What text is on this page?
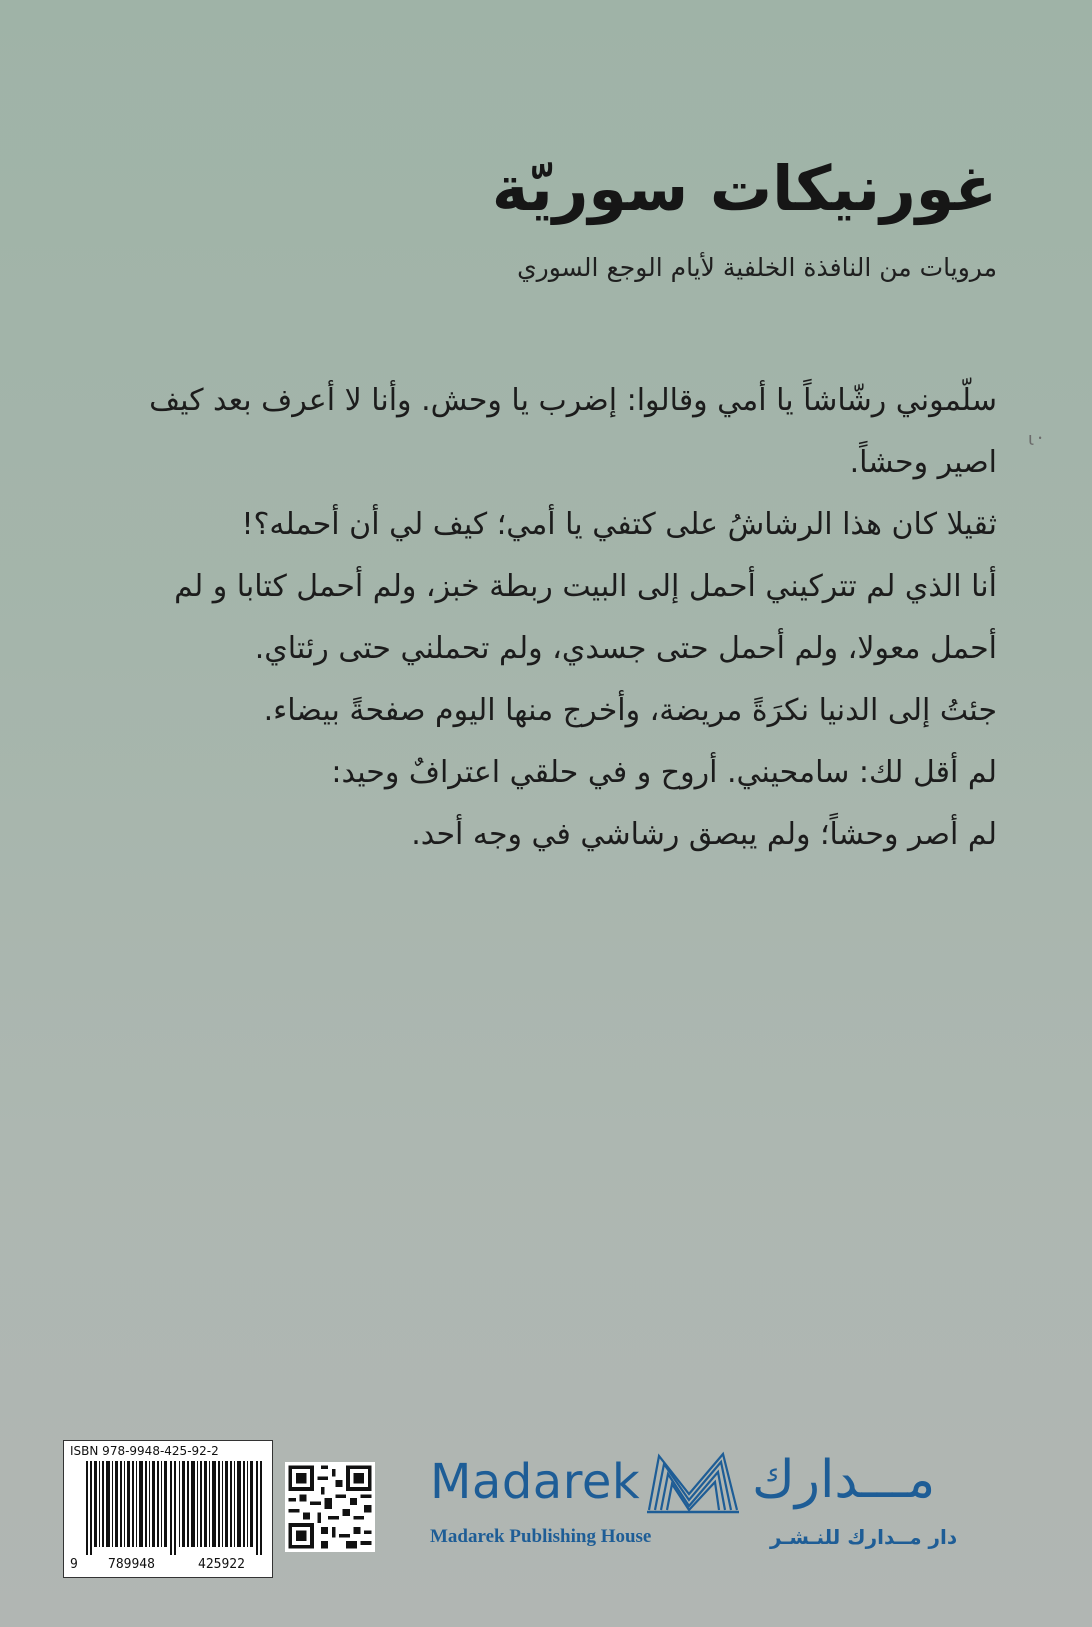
غورنيكات سوريّة
مرويات من النافذة الخلفية لأيام الوجع السوري
سلّموني رشّاشاً يا أمي وقالوا: إضرب يا وحش. وأنا لا أعرف بعد كيف
اصير وحشاً.
ثقيلا كان هذا الرشاشُ على كتفي يا أمي؛ كيف لي أن أحمله؟!
أنا الذي لم تتركيني أحمل إلى البيت ربطة خبز، ولم أحمل كتابا و لم
أحمل معولا، ولم أحمل حتى جسدي، ولم تحملني حتى رئتاي.
جئتُ إلى الدنيا نكرَةً مريضة، وأخرج منها اليوم صفحةً بيضاء.
لم أقل لك: سامحيني. أروح و في حلقي اعترافٌ وحيد:
لم أصر وحشاً؛ ولم يبصق رشاشي في وجه أحد.
ι᠂
ISBN 978-9948-425-92-2
9 789948	425922
Madarek مـــدارك
Madarek Publishing House	دار مــدارك للنـشـر
